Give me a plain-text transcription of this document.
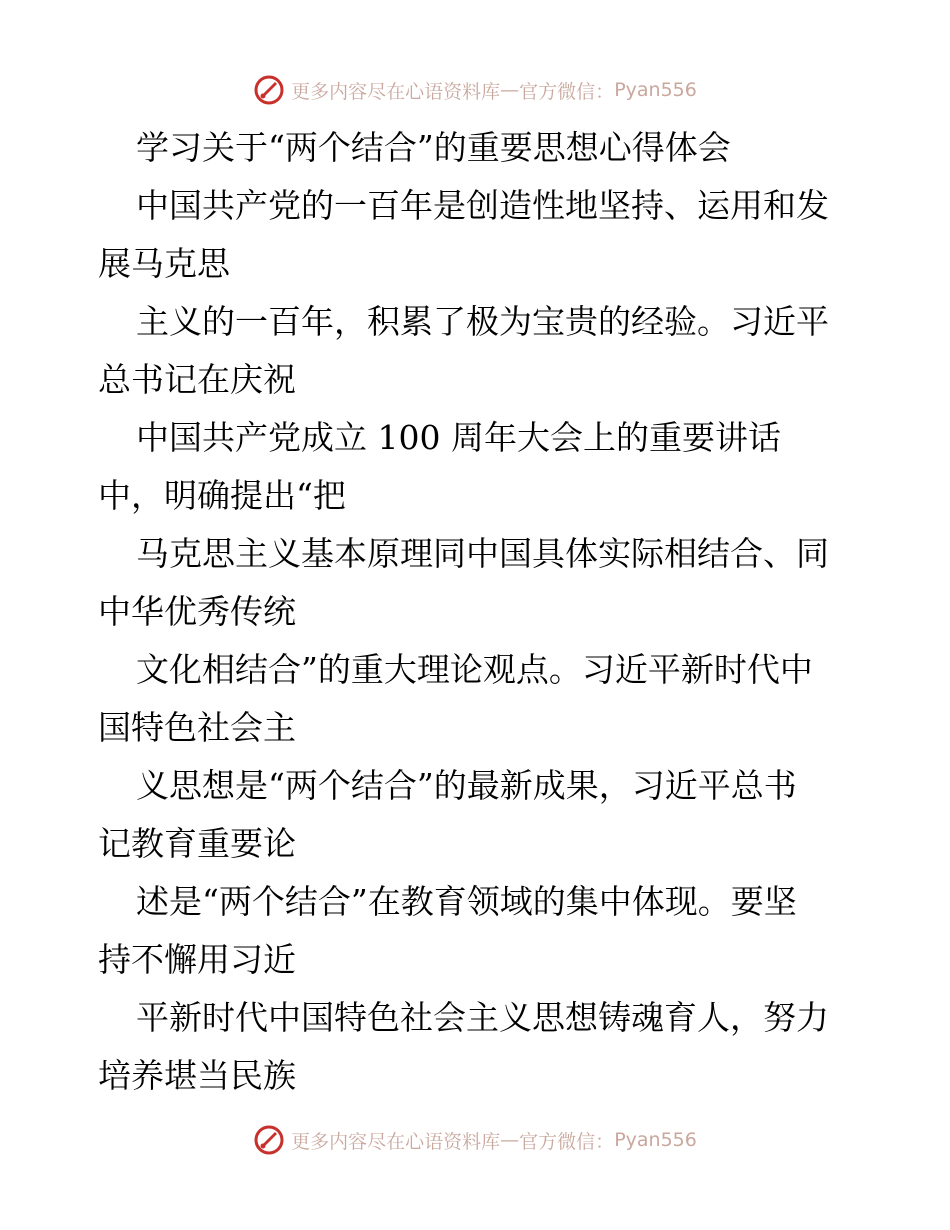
更多内容尽在心语资料库 — 官方微信： Pyan556
学习关于“两个结合”的重要思想心得体会
中国共产党的一百年是创造性地坚持、运用和发
展马克思
主义的一百年，积累了极为宝贵的经验。习近平
总书记在庆祝
中国共产党成立 100 周年大会上的重要讲话
中，明确提出“把
马克思主义基本原理同中国具体实际相结合、同
中华优秀传统
文化相结合”的重大理论观点。习近平新时代中
国特色社会主
义思想是“两个结合”的最新成果，习近平总书
记教育重要论
述是“两个结合”在教育领域的集中体现。要坚
持不懈用习近
平新时代中国特色社会主义思想铸魂育人，努力
培养堪当民族
更多内容尽在心语资料库 — 官方微信： Pyan556
